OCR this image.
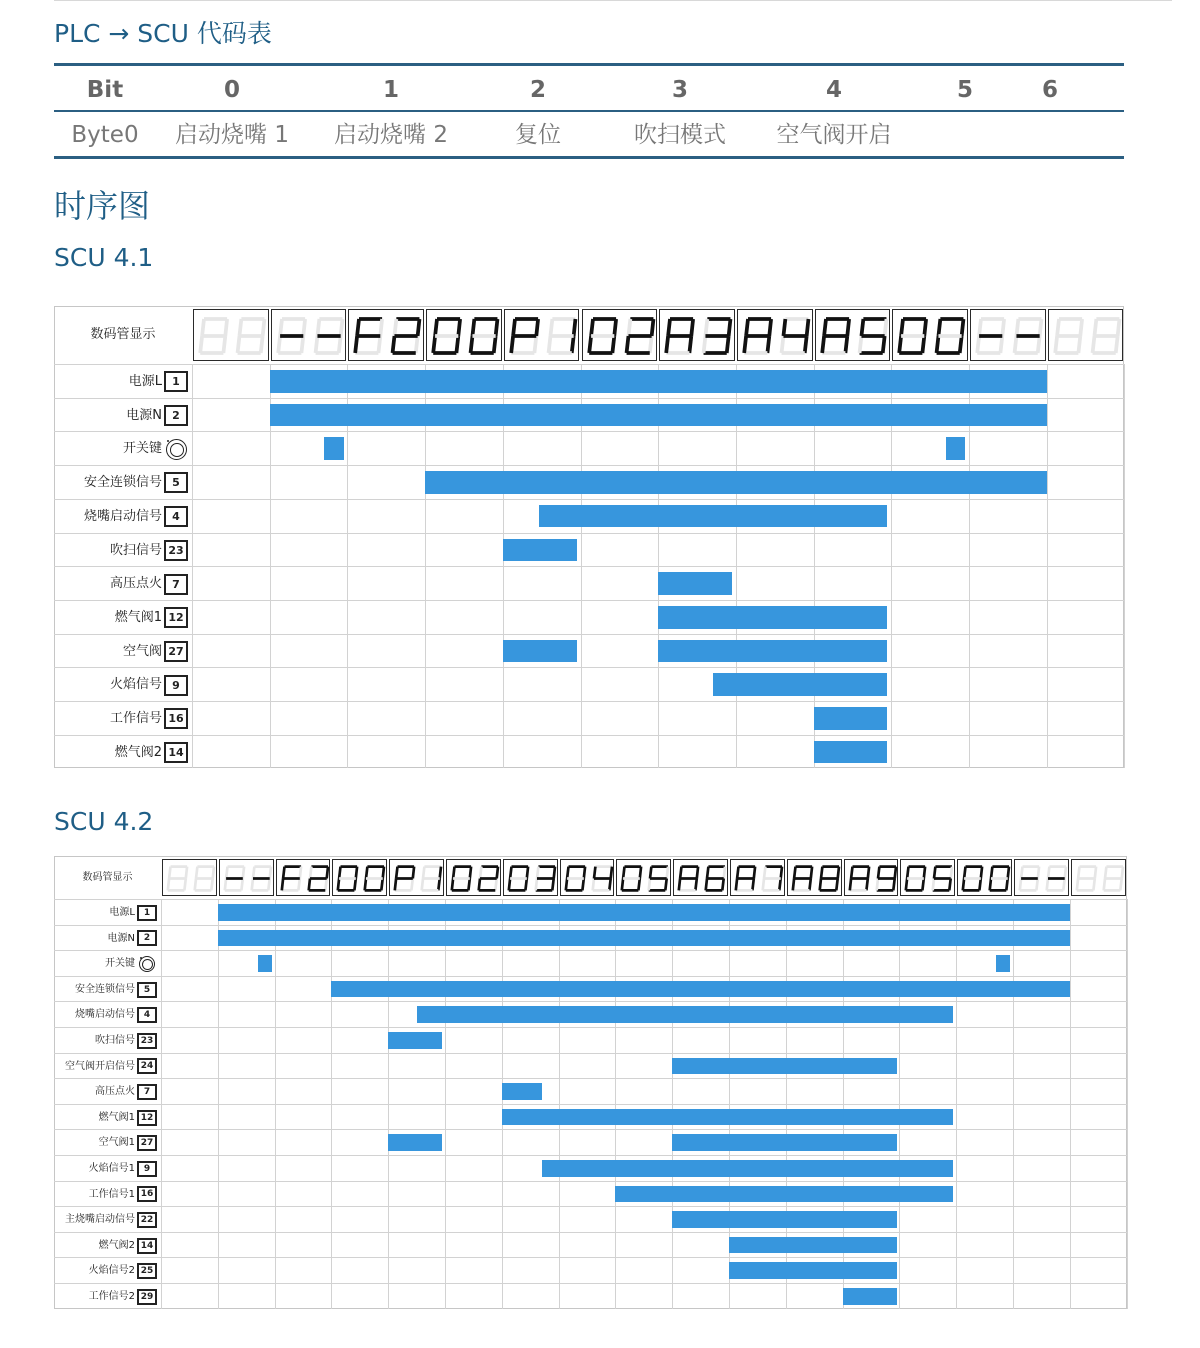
PLC → SCU 代码表
Bit	0	1	2	3	4	5	6
Byte0	启动烧嘴 1	启动烧嘴 2	复位	吹扫模式	空气阀开启
时序图
SCU 4.1
数码管显示
电源L 1
电源N 2
开关键
安全连锁信号 5
烧嘴启动信号 4
吹扫信号 23
高压点火 7
燃气阀1 12
空气阀 27
火焰信号 9
工作信号 16
燃气阀2 14
SCU 4.2
数码管显示
电源L 1
电源N 2
开关键
安全连锁信号 5
烧嘴启动信号 4
吹扫信号 23
空气阀开启信号 24
高压点火 7
燃气阀1 12
空气阀1 27
火焰信号1 9
工作信号1 16
主烧嘴启动信号 22
燃气阀2 14
火焰信号2 25
工作信号2 29
